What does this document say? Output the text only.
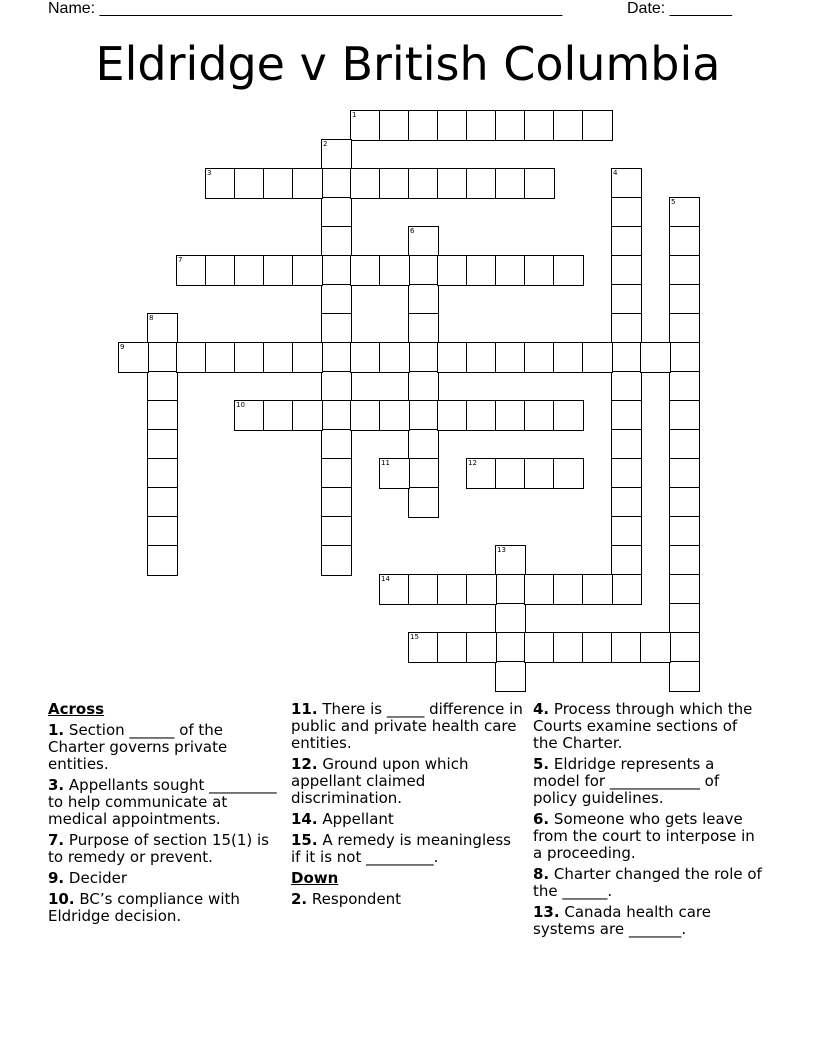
Name: ____________________________________________________	Date: _______
Eldridge v British Columbia
1
2
3	4
5
6
7
8
9
10
11	12
13
14
15
Across
1. Section ______ of the Charter governs private entities.
3. Appellants sought _________ to help communicate at medical appointments.
7. Purpose of section 15(1) is to remedy or prevent.
9. Decider
10. BC’s compliance with Eldridge decision.
11. There is _____ difference in public and private health care entities.
12. Ground upon which appellant claimed discrimination.
14. Appellant
15. A remedy is meaningless if it is not _________.
Down
2. Respondent
4. Process through which the Courts examine sections of the Charter.
5. Eldridge represents a model for ____________ of policy guidelines.
6. Someone who gets leave from the court to interpose in a proceeding.
8. Charter changed the role of the ______.
13. Canada health care systems are _______.
